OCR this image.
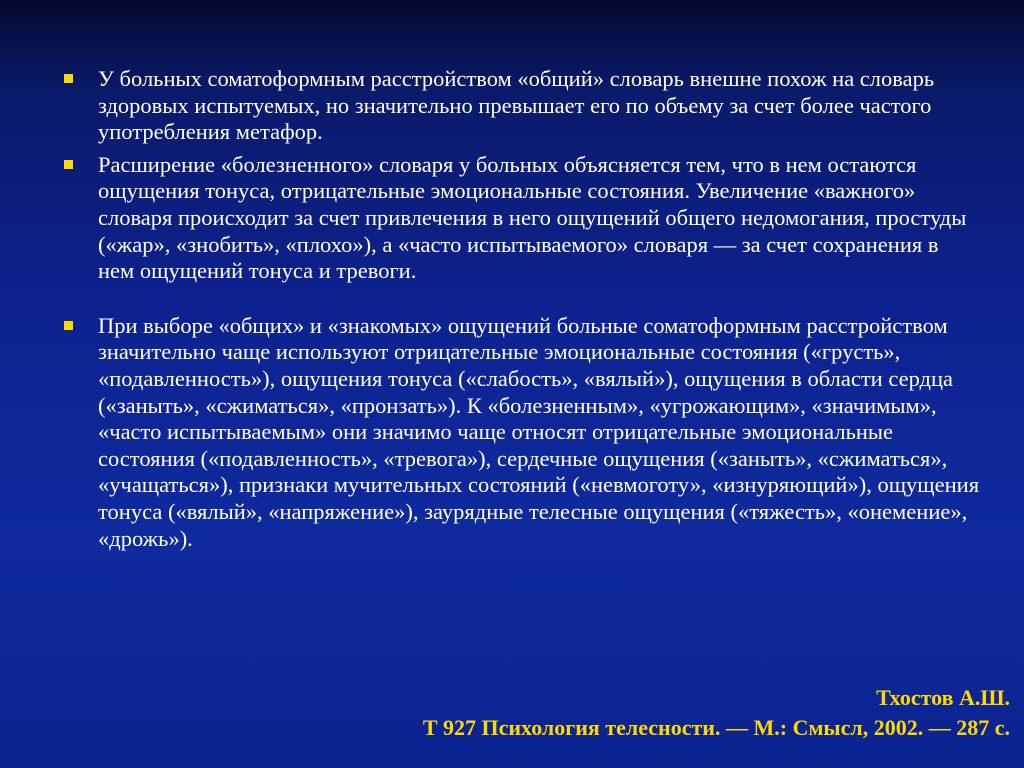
У больных соматоформным расстройством «общий» словарь внешне похож на словарь здоровых испытуемых, но значительно превышает его по объему за счет более частого употребления метафор.
Расширение «болезненного» словаря у больных объясняется тем, что в нем остаются ощущения тонуса, отрицательные эмоциональные состояния. Увеличение «важного» словаря происходит за счет привлечения в него ощущений общего недомогания, простуды («жар», «знобить», «плохо»), а «часто испытываемого» словаря — за счет сохранения в нем ощущений тонуса и тревоги.
При выборе «общих» и «знакомых» ощущений больные соматоформным расстройством значительно чаще используют отрицательные эмоциональные состояния («грусть», «подавленность»), ощущения тонуса («слабость», «вялый»), ощущения в области сердца («заныть», «сжиматься», «пронзать»). К «болезненным», «угрожающим», «значимым», «часто испытываемым» они значимо чаще относят отрицательные эмоциональные состояния («подавленность», «тревога»), сердечные ощущения («заныть», «сжиматься», «учащаться»), признаки мучительных состояний («невмоготу», «изнуряющий»), ощущения тонуса («вялый», «напряжение»), заурядные телесные ощущения («тяжесть», «онемение», «дрожь»).
Тхостов А.Ш.
Т 927 Психология телесности. — М.: Смысл, 2002. — 287 с.
